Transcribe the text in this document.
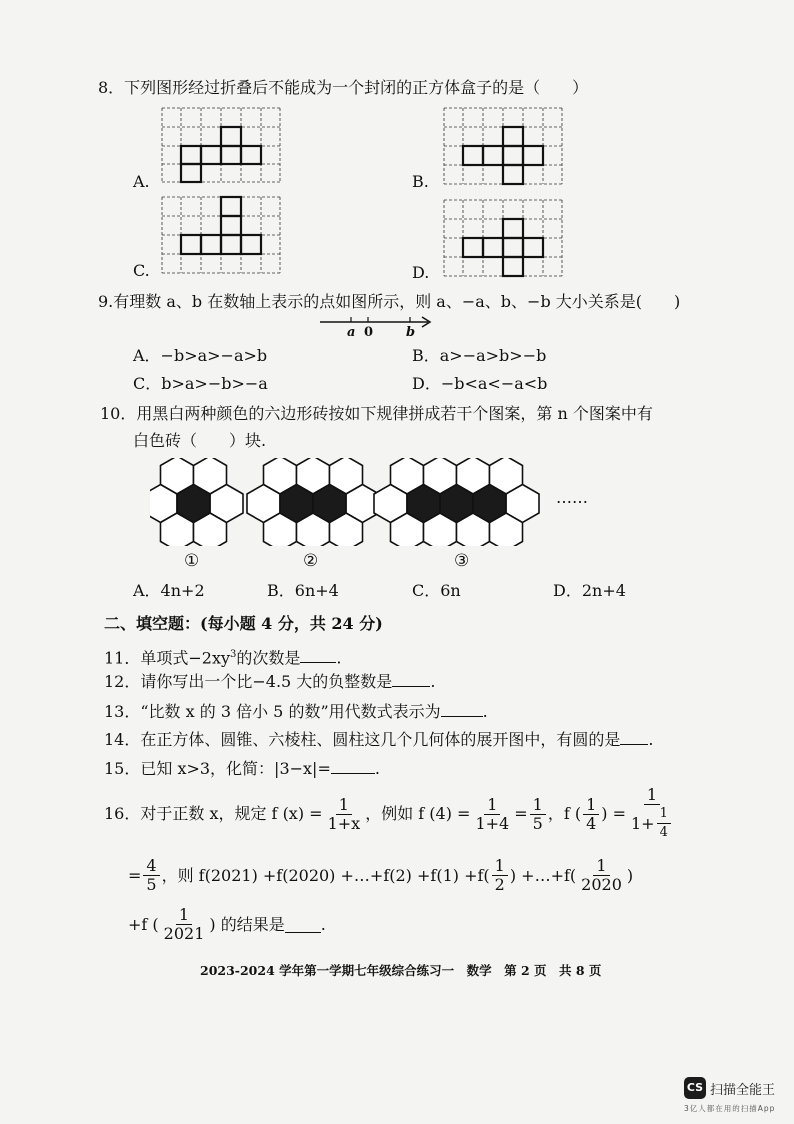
8．下列图形经过折叠后不能成为一个封闭的正方体盒子的是（　　）
A.	B.
C.	D.
9.有理数 a、b 在数轴上表示的点如图所示，则 a、−a、b、−b 大小关系是(　　)
a 0	b
A．−b>a>−a>b	B．a>−a>b>−b
C．b>a>−b>−a	D．−b<a<−a<b
10．用黑白两种颜色的六边形砖按如下规律拼成若干个图案，第 n 个图案中有
白色砖（　　）块.
……
①	②	③
A．4n+2	B．6n+4	C．6n	D．2n+4
二、填空题：(每小题 4 分，共 24 分)
11．单项式$-2xy^3$的次数是 .
12．请你写出一个比−4.5 大的负整数是 .
13．“比数 x 的 3 倍小 5 的数”用代数式表示为	.
14．在正方体、圆锥、六棱柱、圆柱这几个几何体的展开图中，有圆的是 .
15．已知 x>3，化简：|3−x|=	.
16．对于正数 x，规定 f $(x) = \frac{1}{1+x}$ ，例如 f $(4) = \frac{1}{1+4} = \frac{1}{5}$ ，f ( $\frac{1}{4}$ ) = $\frac{1}{1+ \frac{1}{4}}$
= $\frac{4}{5}$ ，则 f(2021) +f(2020) +…+f(2) $+f(1) +f( \frac{1}{2}$ ) +…+f( $\frac{1}{2020}$ )
+f ( $\frac{1}{2021}$ ) 的结果是 .
2023-2024 学年第一学期七年级综合练习一　数学　第 2 页　共 8 页
CS 扫描全能王
3亿人都在用的扫描App
